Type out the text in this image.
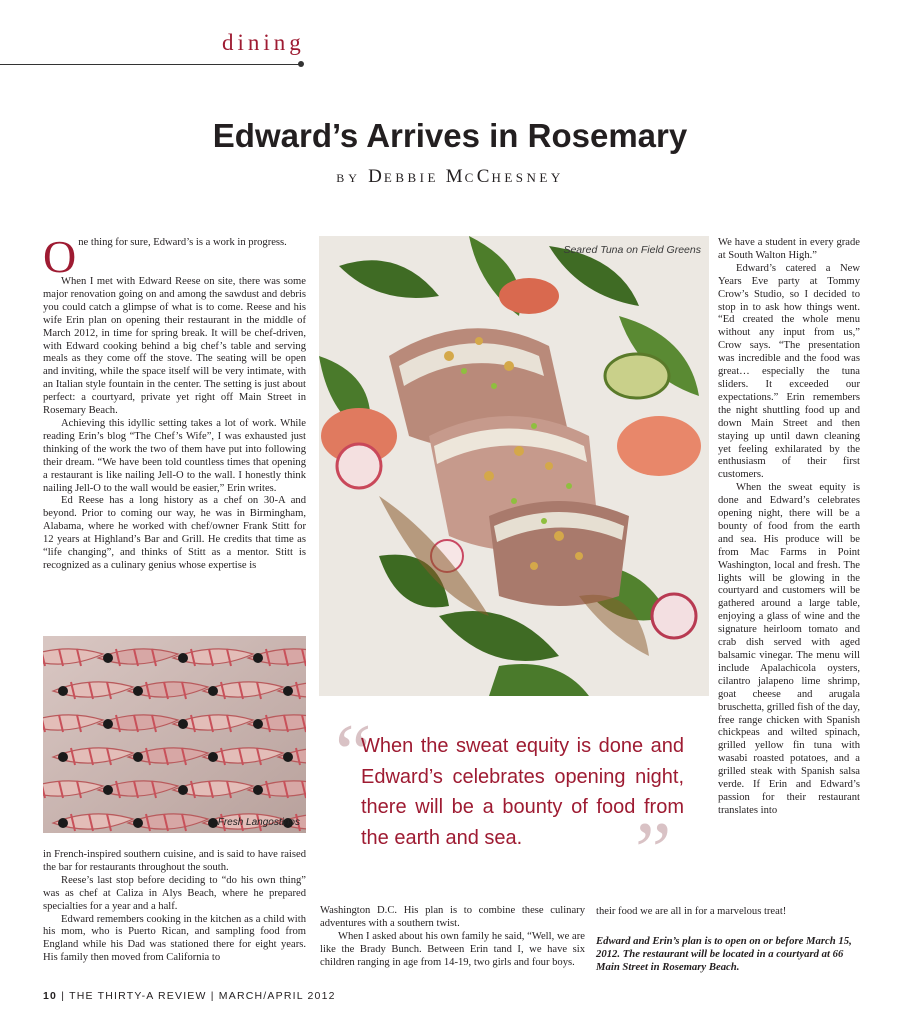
dining
Edward’s Arrives in Rosemary
BY DEBBIE MCCHESNEY

One thing for sure, Edward’s is a work in progress.

When I met with Edward Reese on site, there was some major renovation going on and among the sawdust and debris you could catch a glimpse of what is to come. Reese and his wife Erin plan on opening their restaurant in the middle of March 2012, in time for spring break. It will be chef-driven, with Edward cooking behind a big chef’s table and serving meals as they come off the stove. The seating will be open and inviting, while the space itself will be very intimate, with an Italian style fountain in the center. The setting is just about perfect: a courtyard, private yet right off Main Street in Rosemary Beach.

Achieving this idyllic setting takes a lot of work. While reading Erin’s blog “The Chef’s Wife”, I was exhausted just thinking of the work the two of them have put into following their dream. “We have been told countless times that opening a restaurant is like nailing Jell-O to the wall. I honestly think nailing Jell-O to the wall would be easier,” Erin writes.

Ed Reese has a long history as a chef on 30-A and beyond. Prior to coming our way, he was in Birmingham, Alabama, where he worked with chef/owner Frank Stitt for 12 years at Highland’s Bar and Grill. He credits that time as “life changing”, and thinks of Stitt as a mentor. Stitt is recognized as a culinary genius whose expertise is

Fresh Langostinos

in French-inspired southern cuisine, and is said to have raised the bar for restaurants throughout the south.

Reese’s last stop before deciding to “do his own thing” was as chef at Caliza in Alys Beach, where he prepared specialties for a year and a half.

Edward remembers cooking in the kitchen as a child with his mom, who is Puerto Rican, and sampling food from England while his Dad was stationed there for eight years. His family then moved from California to

Seared Tuna on Field Greens
“
When the sweat equity is done and Edward’s celebrates opening night, there will be a bounty of food from the earth and sea.	”

Washington D.C. His plan is to combine these culinary adventures with a southern twist.

When I asked about his own family he said, “Well, we are like the Brady Bunch. Between Erin tand I, we have six children ranging in age from 14-19, two girls and four boys.

We have a student in every grade at South Walton High.”

Edward’s catered a New Years Eve party at Tommy Crow’s Studio, so I decided to stop in to ask how things went. “Ed created the whole menu without any input from us,” Crow says. “The presentation was incredible and the food was great… especially the tuna sliders. It exceeded our expectations.” Erin remembers the night shuttling food up and down Main Street and then staying up until dawn cleaning yet feeling exhilarated by the enthusiasm of their first customers.

When the sweat equity is done and Edward’s celebrates opening night, there will be a bounty of food from the earth and sea. His produce will be from Mac Farms in Point Washington, local and fresh. The lights will be glowing in the courtyard and customers will be gathered around a large table, enjoying a glass of wine and the signature heirloom tomato and crab dish served with aged balsamic vinegar. The menu will include Apalachicola oysters, cilantro jalapeno lime shrimp, goat cheese and arugala bruschetta, grilled fish of the day, free range chicken with Spanish chickpeas and wilted spinach, grilled yellow fin tuna with wasabi roasted potatoes, and a grilled steak with Spanish salsa verde. If Erin and Edward’s passion for their restaurant translates into

their food we are all in for a marvelous treat!

Edward and Erin’s plan is to open on or before March 15, 2012. The restaurant will be located in a courtyard at 66 Main Street in Rosemary Beach.

10 | THE THIRTY-A REVIEW | MARCH/APRIL 2012
